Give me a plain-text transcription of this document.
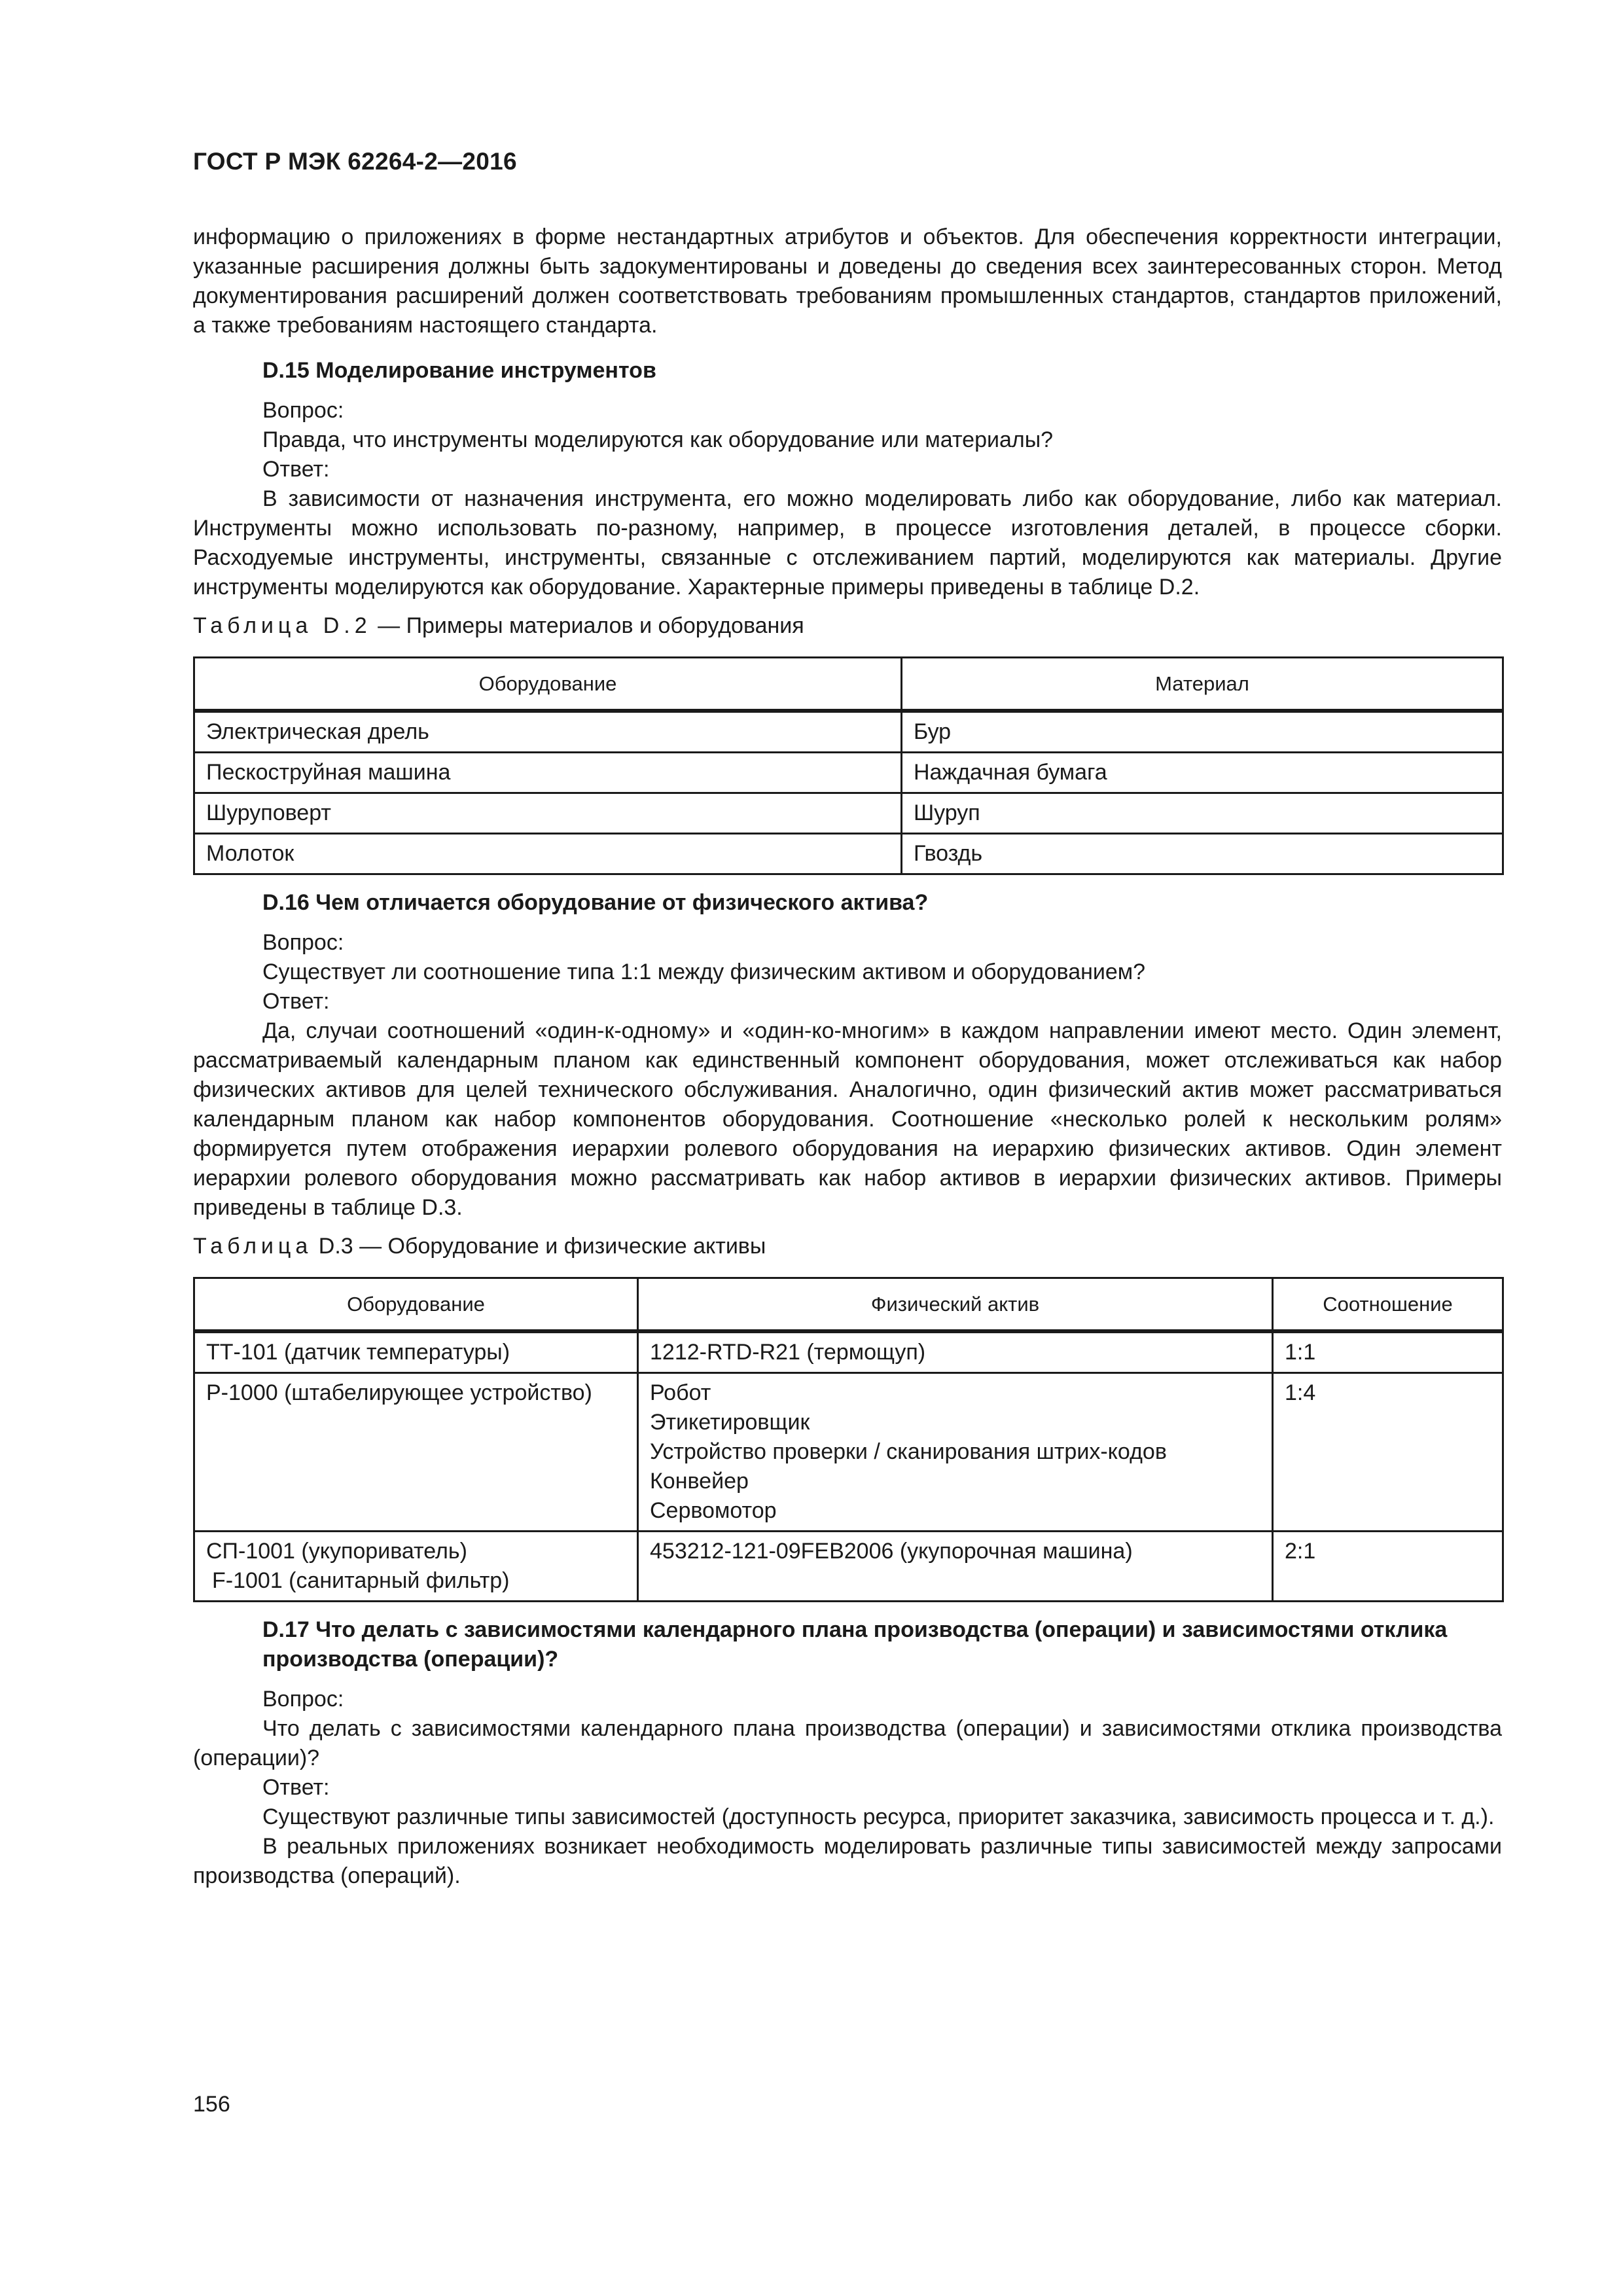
ГОСТ Р МЭК 62264-2—2016

информацию о приложениях в форме нестандартных атрибутов и объектов. Для обеспечения корректности интеграции, указанные расширения должны быть задокументированы и доведены до сведения всех заинтересованных сторон. Метод документирования расширений должен соответствовать требованиям промышленных стандартов, стандартов приложений, а также требованиям настоящего стандарта.

D.15 Моделирование инструментов

Вопрос:

Правда, что инструменты моделируются как оборудование или материалы?

Ответ:

В зависимости от назначения инструмента, его можно моделировать либо как оборудование, либо как материал. Инструменты можно использовать по-разному, например, в процессе изготовления деталей, в процессе сборки. Расходуемые инструменты, инструменты, связанные с отслеживанием партий, моделируются как материалы. Другие инструменты моделируются как оборудование. Характерные примеры приведены в таблице D.2.

Таблица D.2 — Примеры материалов и оборудования
Оборудование	Материал

Электрическая дрель	Бур
Пескоструйная машина	Наждачная бумага
Шуруповерт	Шуруп
Молоток	Гвоздь
D.16 Чем отличается оборудование от физического актива?

Вопрос:

Существует ли соотношение типа 1:1 между физическим активом и оборудованием?

Ответ:

Да, случаи соотношений «один-к-одному» и «один-ко-многим» в каждом направлении имеют место. Один элемент, рассматриваемый календарным планом как единственный компонент оборудования, может отслеживаться как набор физических активов для целей технического обслуживания. Аналогично, один физический актив может рассматриваться календарным планом как набор компонентов оборудования. Соотношение «несколько ролей к нескольким ролям» формируется путем отображения иерархии ролевого оборудования на иерархию физических активов. Один элемент иерархии ролевого оборудования можно рассматривать как набор активов в иерархии физических активов. Примеры приведены в таблице D.3.

Таблица D.3 — Оборудование и физические активы
Оборудование	Физический актив	Соотношение

ТТ-101 (датчик температуры)	1212-RTD-R21 (термощуп)	1:1

Р-1000 (штабелирующее устройство)	Робот
Этикетировщик
Устройство проверки / сканирования штрих-кодов
Конвейер
Сервомотор	1:4

СП-1001 (укупориватель)
F-1001 (санитарный фильтр)	453212-121-09FEB2006 (укупорочная машина)	2:1
D.17 Что делать с зависимостями календарного плана производства (операции) и зависимостями отклика производства (операции)?

Вопрос:

Что делать с зависимостями календарного плана производства (операции) и зависимостями отклика производства (операции)?

Ответ:

Существуют различные типы зависимостей (доступность ресурса, приоритет заказчика, зависимость процесса и т. д.).

В реальных приложениях возникает необходимость моделировать различные типы зависимостей между запросами производства (операций).

156
